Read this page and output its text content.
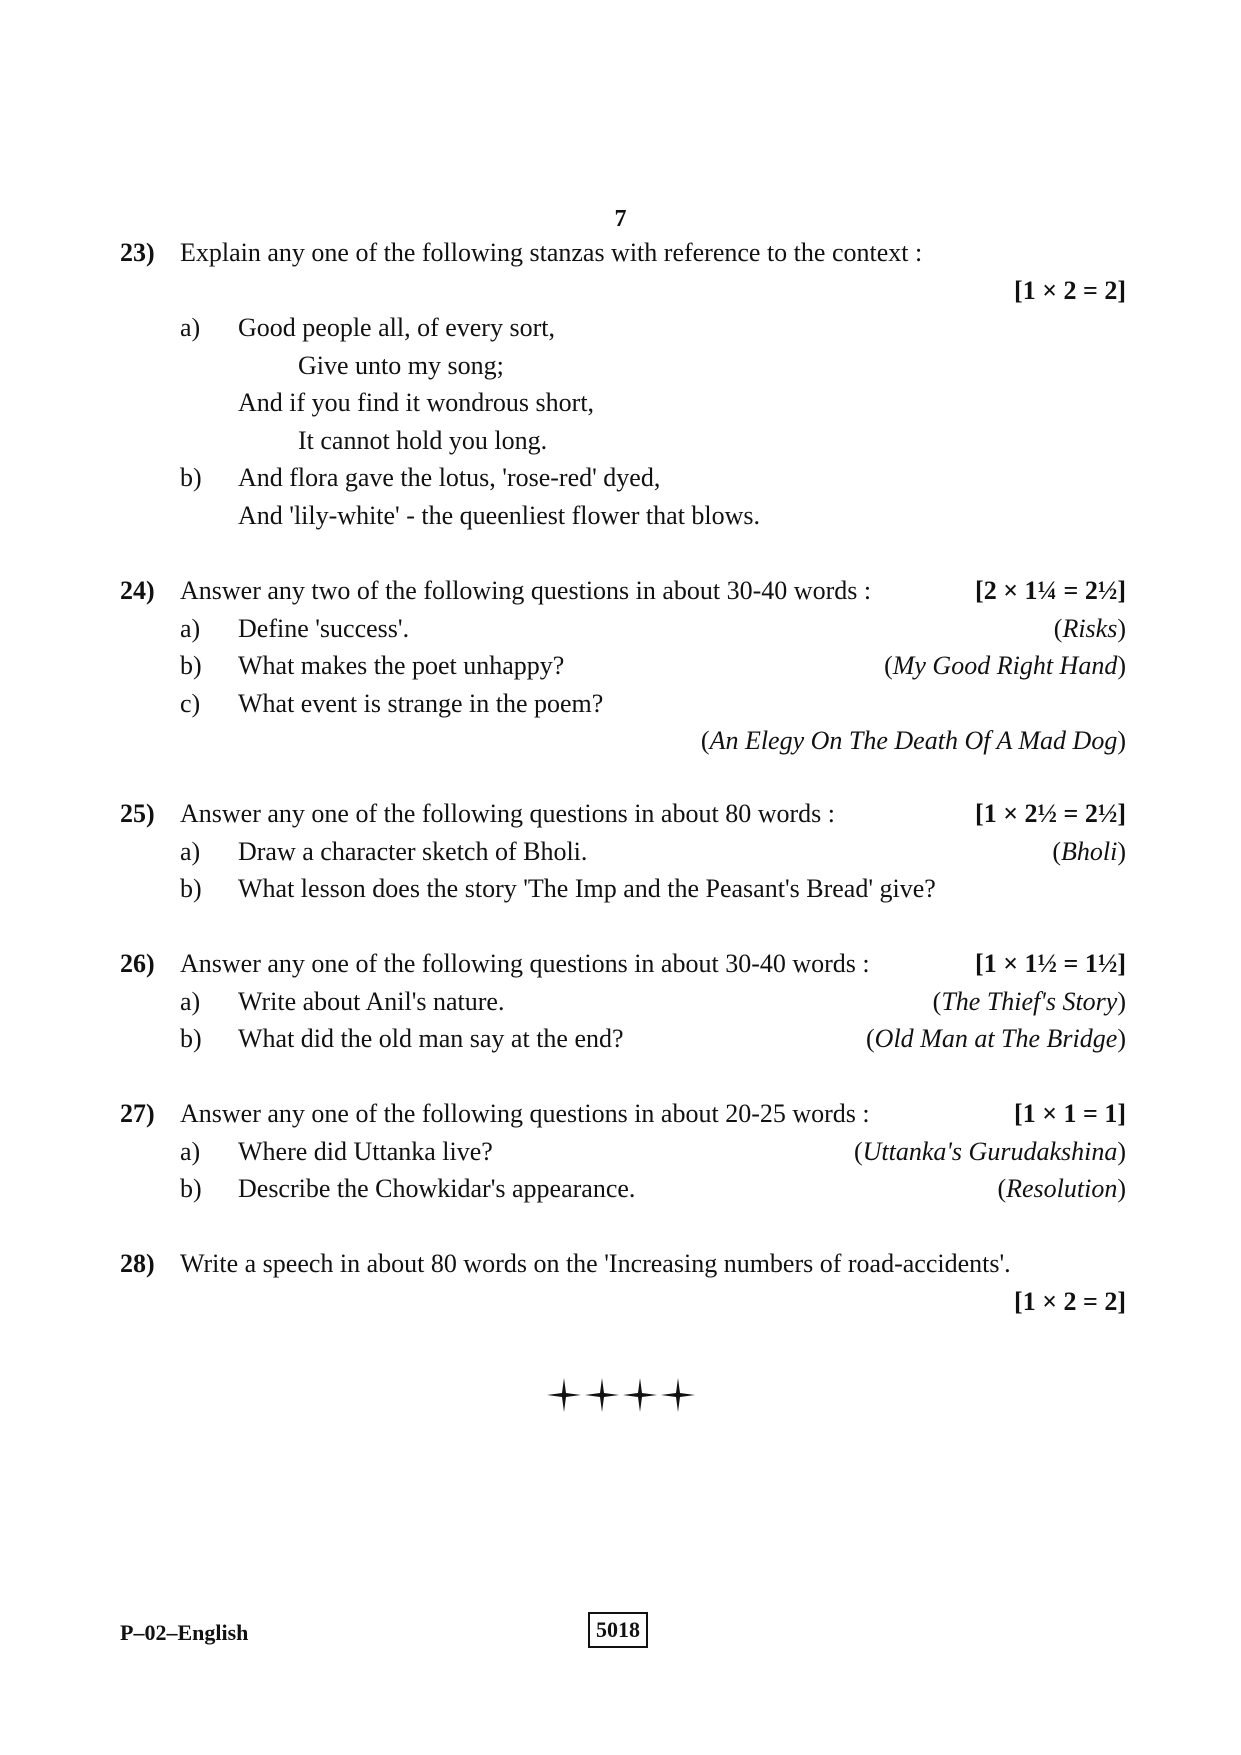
7
23) Explain any one of the following stanzas with reference to the context :
[1 × 2 = 2]
a) Good people all, of every sort,
Give unto my song;
And if you find it wondrous short,
It cannot hold you long.
b) And flora gave the lotus, 'rose-red' dyed,
And 'lily-white' - the queenliest flower that blows.
24) Answer any two of the following questions in about 30-40 words :	[2 × 1¼ = 2½]
a) Define 'success'.	(Risks)
b) What makes the poet unhappy?	(My Good Right Hand)
c) What event is strange in the poem?
(An Elegy On The Death Of A Mad Dog)
25) Answer any one of the following questions in about 80 words :	[1 × 2½ = 2½]
a) Draw a character sketch of Bholi.	(Bholi)
b) What lesson does the story 'The Imp and the Peasant's Bread' give?
26) Answer any one of the following questions in about 30-40 words :	[1 × 1½ = 1½]
a) Write about Anil's nature.	(The Thief's Story)
b) What did the old man say at the end?	(Old Man at The Bridge)
27) Answer any one of the following questions in about 20-25 words :	[1 × 1 = 1]
a) Where did Uttanka live?	(Uttanka's Gurudakshina)
b) Describe the Chowkidar's appearance.	(Resolution)
28) Write a speech in about 80 words on the 'Increasing numbers of road-accidents'.
[1 × 2 = 2]
P–02–English	5018
